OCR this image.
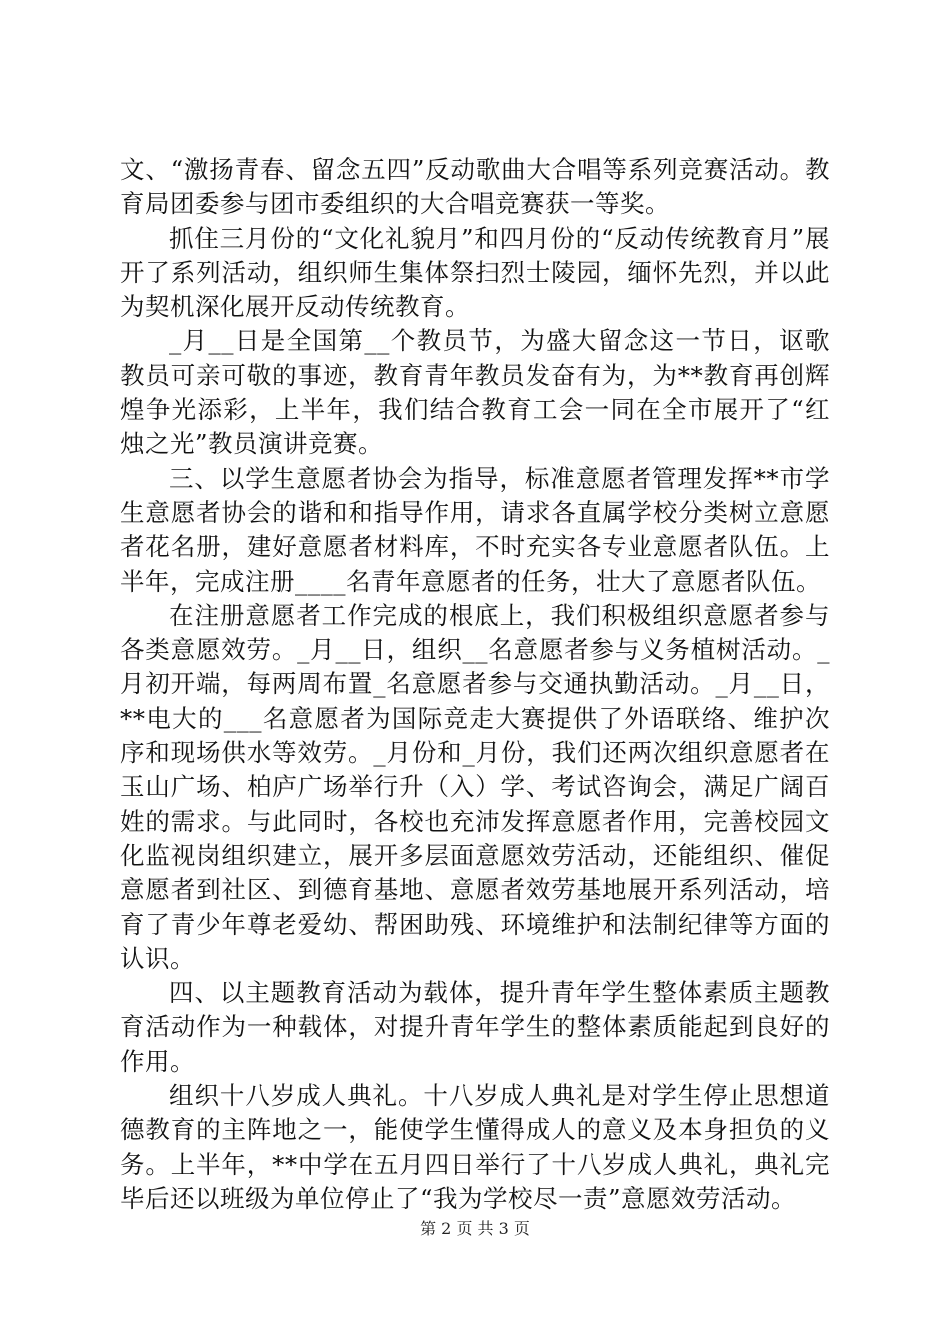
文、“激扬青春、留念五四”反动歌曲大合唱等系列竞赛活动。教育局团委参与团市委组织的大合唱竞赛获一等奖。

抓住三月份的“文化礼貌月”和四月份的“反动传统教育月”展开了系列活动，组织师生集体祭扫烈士陵园，缅怀先烈，并以此为契机深化展开反动传统教育。

_月__日是全国第__个教员节，为盛大留念这一节日，讴歌教员可亲可敬的事迹，教育青年教员发奋有为，为**教育再创辉煌争光添彩，上半年，我们结合教育工会一同在全市展开了“红烛之光”教员演讲竞赛。

三、以学生意愿者协会为指导，标准意愿者管理发挥**市学生意愿者协会的谐和和指导作用，请求各直属学校分类树立意愿者花名册，建好意愿者材料库，不时充实各专业意愿者队伍。上半年，完成注册____名青年意愿者的任务，壮大了意愿者队伍。

在注册意愿者工作完成的根底上，我们积极组织意愿者参与各类意愿效劳。_月__日，组织__名意愿者参与义务植树活动。_月初开端，每两周布置_名意愿者参与交通执勤活动。_月__日，**电大的___名意愿者为国际竞走大赛提供了外语联络、维护次序和现场供水等效劳。_月份和_月份，我们还两次组织意愿者在玉山广场、柏庐广场举行升（入）学、考试咨询会，满足广阔百姓的需求。与此同时，各校也充沛发挥意愿者作用，完善校园文化监视岗组织建立，展开多层面意愿效劳活动，还能组织、催促意愿者到社区、到德育基地、意愿者效劳基地展开系列活动，培育了青少年尊老爱幼、帮困助残、环境维护和法制纪律等方面的认识。

四、以主题教育活动为载体，提升青年学生整体素质主题教育活动作为一种载体，对提升青年学生的整体素质能起到良好的作用。

组织十八岁成人典礼。十八岁成人典礼是对学生停止思想道德教育的主阵地之一，能使学生懂得成人的意义及本身担负的义务。上半年，**中学在五月四日举行了十八岁成人典礼，典礼完毕后还以班级为单位停止了“我为学校尽一责”意愿效劳活动。

第 2 页 共 3 页
